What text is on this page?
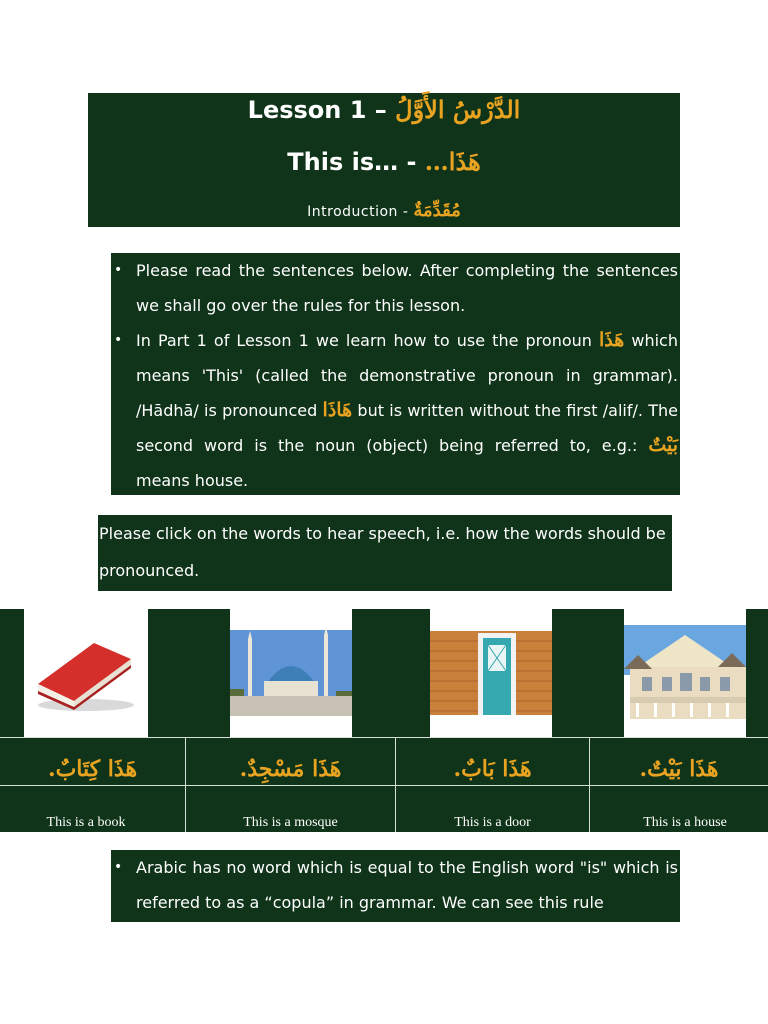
Lesson 1 – الدَّرْسُ الأَوَّلُ
This is… - هَذَا…
Introduction - مُقَدِّمَةٌ
• Please read the sentences below. After completing the sentences we shall go over the rules for this lesson.
• In Part 1 of Lesson 1 we learn how to use the pronoun هَذَا which means 'This' (called the demonstrative pronoun in grammar). /Hādhā/ is pronounced هَاذَا but is written without the first /alif/. The second word is the noun (object) being referred to, e.g.: بَيْتٌ means house.
Please click on the words to hear speech, i.e. how the words should be pronounced.
هَذَا كِتَابٌ.	هَذَا مَسْجِدٌ.	هَذَا بَابٌ.	هَذَا بَيْتٌ.
This is a book	This is a mosque	This is a door	This is a house
• Arabic has no word which is equal to the English word "is" which is referred to as a “copula” in grammar. We can see this rule
